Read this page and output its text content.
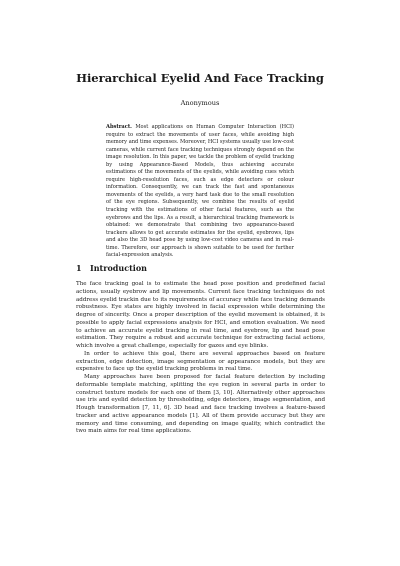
Hierarchical Eyelid And Face Tracking
Anonymous

Abstract. Most applications on Human Computer Interaction (HCI) require to extract the movements of user faces, while avoiding high memory and time expenses. Moreover, HCI systems usually use low-cost cameras, while current face tracking techniques strongly depend on the image resolution. In this paper, we tackle the problem of eyelid tracking by using Appearance-Based Models, thus achieving accurate estimations of the movements of the eyelids, while avoiding cues which require high-resolution faces, such as edge detectors or colour information. Consequently, we can track the fast and spontaneous movements of the eyelids, a very hard task due to the small resolution of the eye regions. Subsequently, we combine the results of eyelid tracking with the estimations of other facial features, such as the eyebrows and the lips. As a result, a hierarchical tracking framework is obtained: we demonstrate that combining two appearance-based trackers allows to get accurate estimates for the eyelid, eyebrows, lips and also the 3D head pose by using low-cost video cameras and in real-time. Therefore, our approach is shown suitable to be used for further facial-expression analysis.

1 Introduction

The face tracking goal is to estimate the head pose position and predefined facial actions, usually eyebrow and lip movements. Current face tracking techniques do not address eyelid trackin due to its requirements of accuracy while face tracking demands robustness. Eye states are highly involved in facial expression while determining the degree of sincerity. Once a proper description of the eyelid movement is obtained, it is possible to apply facial expressions analysis for HCI, and emotion evaluation. We need to achieve an accurate eyelid tracking in real time, and eyebrow, lip and head pose estimation. They require a robust and accurate technique for extracting facial actions, which involve a great challenge, especially for gazes and eye blinks.

In order to achieve this goal, there are several approaches based on feature extraction, edge detection, image segmentation or appearance models, but they are expensive to face up the eyelid tracking problems in real time.

Many approaches have been proposed for facial feature detection by including deformable template matching, splitting the eye region in several parts in order to construct texture models for each one of them [3, 10]. Alternatively other approaches use iris and eyelid detection by thresholding, edge detectors, image segmentation, and Hough transformation [7, 11, 6]. 3D head and face tracking involves a feature-based tracker and active appearance models [1]. All of them provide accuracy but they are memory and time consuming, and depending on image quality, which contradict the two main aims for real time applications.
